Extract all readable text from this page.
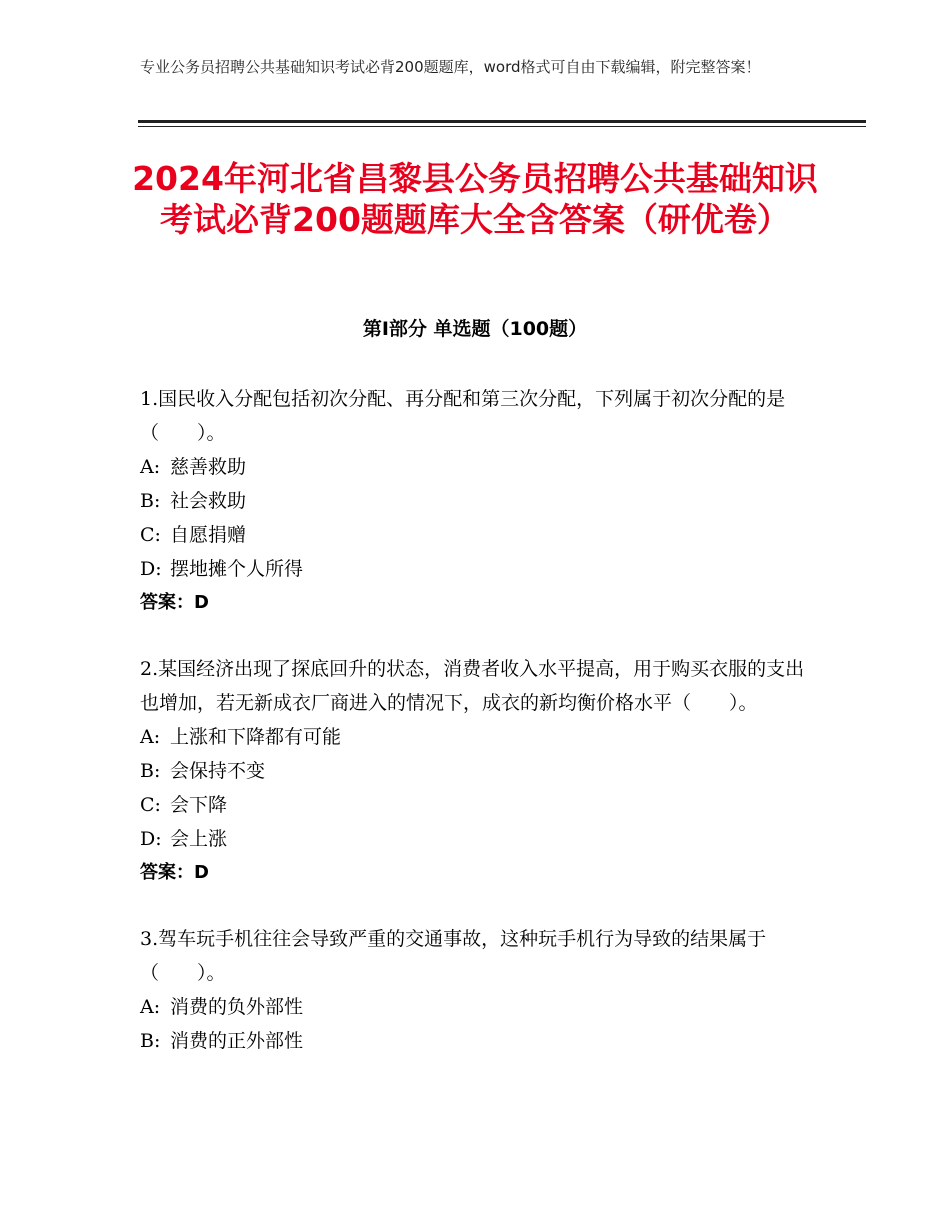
专业公务员招聘公共基础知识考试必背200题题库，word格式可自由下载编辑，附完整答案！
2024年河北省昌黎县公务员招聘公共基础知识考试必背200题题库大全含答案（研优卷）
第I部分 单选题（100题）

1.国民收入分配包括初次分配、再分配和第三次分配，下列属于初次分配的是（　　）。

A: 慈善救助

B: 社会救助

C: 自愿捐赠

D: 摆地摊个人所得

答案：D

2.某国经济出现了探底回升的状态，消费者收入水平提高，用于购买衣服的支出也增加，若无新成衣厂商进入的情况下，成衣的新均衡价格水平（　　）。

A: 上涨和下降都有可能

B: 会保持不变

C: 会下降

D: 会上涨

答案：D

3.驾车玩手机往往会导致严重的交通事故，这种玩手机行为导致的结果属于（　　）。

A: 消费的负外部性

B: 消费的正外部性
